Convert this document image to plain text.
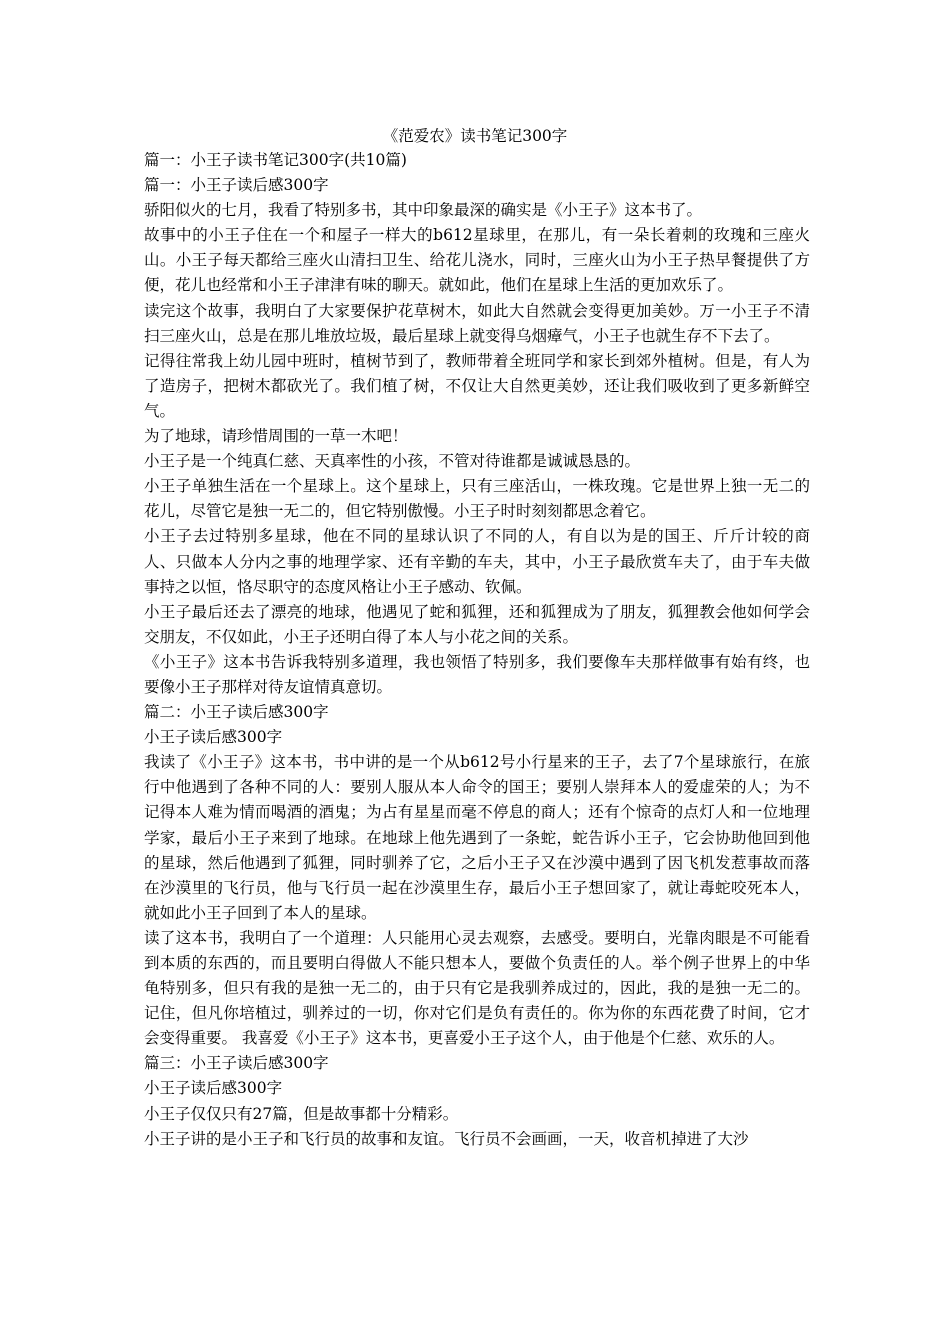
《范爱农》读书笔记300字

篇一：小王子读书笔记300字(共10篇)

篇一：小王子读后感300字

骄阳似火的七月，我看了特别多书，其中印象最深的确实是《小王子》这本书了。

故事中的小王子住在一个和屋子一样大的b612星球里，在那儿，有一朵长着刺的玫瑰和三座火山。小王子每天都给三座火山清扫卫生、给花儿浇水，同时，三座火山为小王子热早餐提供了方便，花儿也经常和小王子津津有味的聊天。就如此，他们在星球上生活的更加欢乐了。

读完这个故事，我明白了大家要保护花草树木，如此大自然就会变得更加美妙。万一小王子不清扫三座火山，总是在那儿堆放垃圾，最后星球上就变得乌烟瘴气，小王子也就生存不下去了。

记得往常我上幼儿园中班时，植树节到了，教师带着全班同学和家长到郊外植树。但是，有人为了造房子，把树木都砍光了。我们植了树，不仅让大自然更美妙，还让我们吸收到了更多新鲜空气。

为了地球，请珍惜周围的一草一木吧！

小王子是一个纯真仁慈、天真率性的小孩，不管对待谁都是诚诚恳恳的。

小王子单独生活在一个星球上。这个星球上，只有三座活山，一株玫瑰。它是世界上独一无二的花儿，尽管它是独一无二的，但它特别傲慢。小王子时时刻刻都思念着它。

小王子去过特别多星球，他在不同的星球认识了不同的人，有自以为是的国王、斤斤计较的商人、只做本人分内之事的地理学家、还有辛勤的车夫，其中，小王子最欣赏车夫了，由于车夫做事持之以恒，恪尽职守的态度风格让小王子感动、钦佩。

小王子最后还去了漂亮的地球，他遇见了蛇和狐狸，还和狐狸成为了朋友，狐狸教会他如何学会交朋友，不仅如此，小王子还明白得了本人与小花之间的关系。

《小王子》这本书告诉我特别多道理，我也领悟了特别多，我们要像车夫那样做事有始有终，也要像小王子那样对待友谊情真意切。

篇二：小王子读后感300字

小王子读后感300字

我读了《小王子》这本书，书中讲的是一个从b612号小行星来的王子，去了7个星球旅行，在旅行中他遇到了各种不同的人：要别人服从本人命令的国王；要别人崇拜本人的爱虚荣的人；为不记得本人难为情而喝酒的酒鬼；为占有星星而毫不停息的商人；还有个惊奇的点灯人和一位地理学家，最后小王子来到了地球。在地球上他先遇到了一条蛇，蛇告诉小王子，它会协助他回到他的星球，然后他遇到了狐狸，同时驯养了它，之后小王子又在沙漠中遇到了因飞机发惹事故而落在沙漠里的飞行员，他与飞行员一起在沙漠里生存，最后小王子想回家了，就让毒蛇咬死本人，就如此小王子回到了本人的星球。

读了这本书，我明白了一个道理：人只能用心灵去观察，去感受。要明白，光靠肉眼是不可能看到本质的东西的，而且要明白得做人不能只想本人，要做个负责任的人。举个例子世界上的中华龟特别多，但只有我的是独一无二的，由于只有它是我驯养成过的，因此，我的是独一无二的。记住，但凡你培植过，驯养过的一切，你对它们是负有责任的。你为你的东西花费了时间，它才会变得重要。 我喜爱《小王子》这本书，更喜爱小王子这个人，由于他是个仁慈、欢乐的人。

篇三：小王子读后感300字

小王子读后感300字

小王子仅仅只有27篇，但是故事都十分精彩。

小王子讲的是小王子和飞行员的故事和友谊。飞行员不会画画，一天，收音机掉进了大沙
